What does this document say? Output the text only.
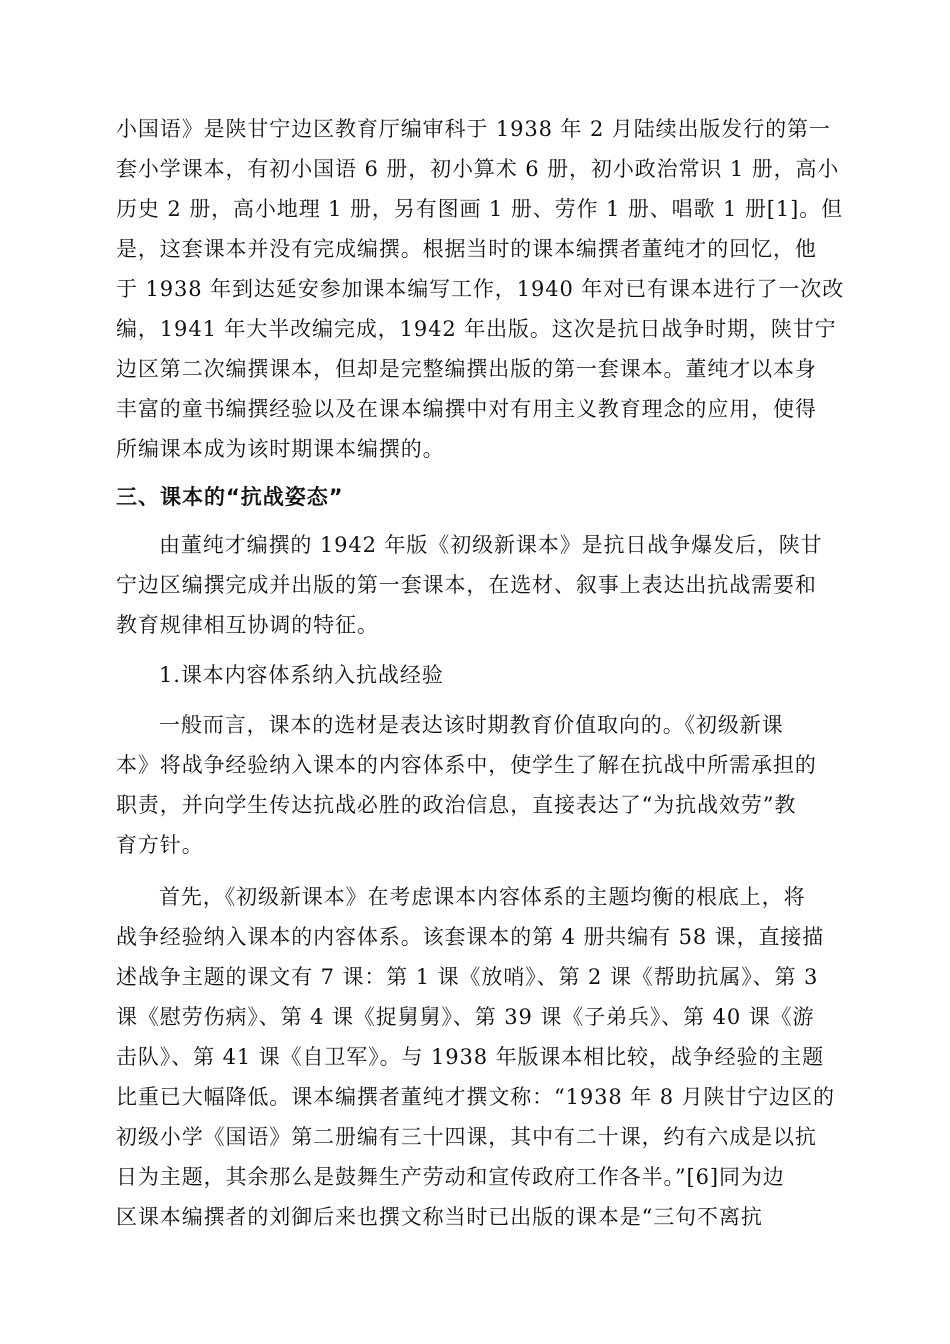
小国语》是陕甘宁边区教育厅编审科于 1938 年 2 月陆续出版发行的第一
套小学课本，有初小国语 6 册，初小算术 6 册，初小政治常识 1 册，高小
历史 2 册，高小地理 1 册，另有图画 1 册、劳作 1 册、唱歌 1 册[1]。但
是，这套课本并没有完成编撰。根据当时的课本编撰者董纯才的回忆，他
于 1938 年到达延安参加课本编写工作，1940 年对已有课本进行了一次改
编，1941 年大半改编完成，1942 年出版。这次是抗日战争时期，陕甘宁
边区第二次编撰课本，但却是完整编撰出版的第一套课本。董纯才以本身
丰富的童书编撰经验以及在课本编撰中对有用主义教育理念的应用，使得
所编课本成为该时期课本编撰的。
三、课本的“抗战姿态”
由董纯才编撰的 1942 年版《初级新课本》是抗日战争爆发后，陕甘
宁边区编撰完成并出版的第一套课本，在选材、叙事上表达出抗战需要和
教育规律相互协调的特征。
1.课本内容体系纳入抗战经验
一般而言，课本的选材是表达该时期教育价值取向的。《初级新课
本》将战争经验纳入课本的内容体系中，使学生了解在抗战中所需承担的
职责，并向学生传达抗战必胜的政治信息，直接表达了“为抗战效劳”教
育方针。
首先，《初级新课本》在考虑课本内容体系的主题均衡的根底上，将
战争经验纳入课本的内容体系。该套课本的第 4 册共编有 58 课，直接描
述战争主题的课文有 7 课：第 1 课《放哨》、第 2 课《帮助抗属》、第 3
课《慰劳伤病》、第 4 课《捉舅舅》、第 39 课《子弟兵》、第 40 课《游
击队》、第 41 课《自卫军》。与 1938 年版课本相比较，战争经验的主题
比重已大幅降低。课本编撰者董纯才撰文称：“1938 年 8 月陕甘宁边区的
初级小学《国语》第二册编有三十四课，其中有二十课，约有六成是以抗
日为主题，其余那么是鼓舞生产劳动和宣传政府工作各半。”[6]同为边
区课本编撰者的刘御后来也撰文称当时已出版的课本是“三句不离抗
